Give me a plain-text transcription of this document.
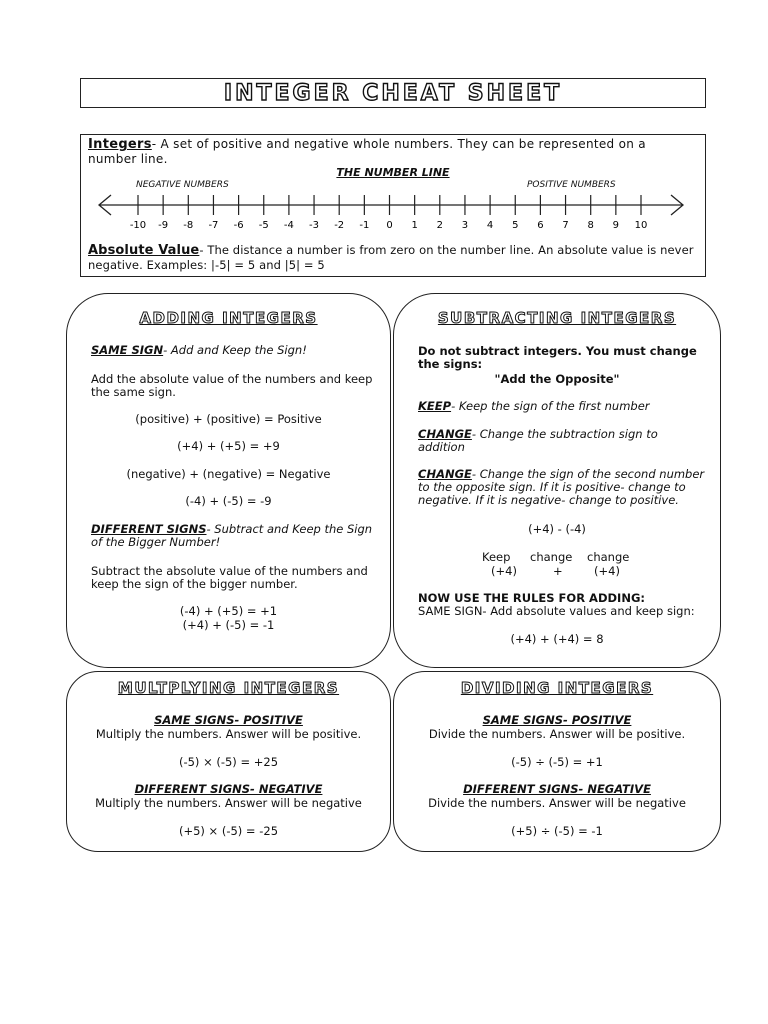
INTEGER CHEAT SHEET
Integers- A set of positive and negative whole numbers. They can be represented on a number line.
THE NUMBER LINE
NEGATIVE NUMBERS	POSITIVE NUMBERS
-10 -9 -8 -7 -6 -5 -4 -3 -2 -1 0 1 2 3 4 5 6 7 8 9 10
Absolute Value- The distance a number is from zero on the number line. An absolute value is never negative. Examples: |-5| = 5 and |5| = 5
ADDING INTEGERS
SAME SIGN- Add and Keep the Sign!
Add the absolute value of the numbers and keep the same sign.
(positive) + (positive) = Positive
(+4) + (+5) = +9
(negative) + (negative) = Negative
(-4) + (-5) = -9
DIFFERENT SIGNS- Subtract and Keep the Sign of the Bigger Number!
Subtract the absolute value of the numbers and keep the sign of the bigger number.
(-4) + (+5) = +1
(+4) + (-5) = -1
SUBTRACTING INTEGERS
Do not subtract integers. You must change the signs:
"Add the Opposite"
KEEP- Keep the sign of the first number
CHANGE- Change the subtraction sign to addition
CHANGE- Change the sign of the second number to the opposite sign. If it is positive- change to negative. If it is negative- change to positive.
(+4) - (-4)
Keep change change
(+4)	+	(+4)
NOW USE THE RULES FOR ADDING:
SAME SIGN- Add absolute values and keep sign:
(+4) + (+4) = 8
MULTPLYING INTEGERS
SAME SIGNS- POSITIVE
Multiply the numbers. Answer will be positive.
(-5) × (-5) = +25
DIFFERENT SIGNS- NEGATIVE
Multiply the numbers. Answer will be negative
(+5) × (-5) = -25
DIVIDING INTEGERS
SAME SIGNS- POSITIVE
Divide the numbers. Answer will be positive.
(-5) ÷ (-5) = +1
DIFFERENT SIGNS- NEGATIVE
Divide the numbers. Answer will be negative
(+5) ÷ (-5) = -1
